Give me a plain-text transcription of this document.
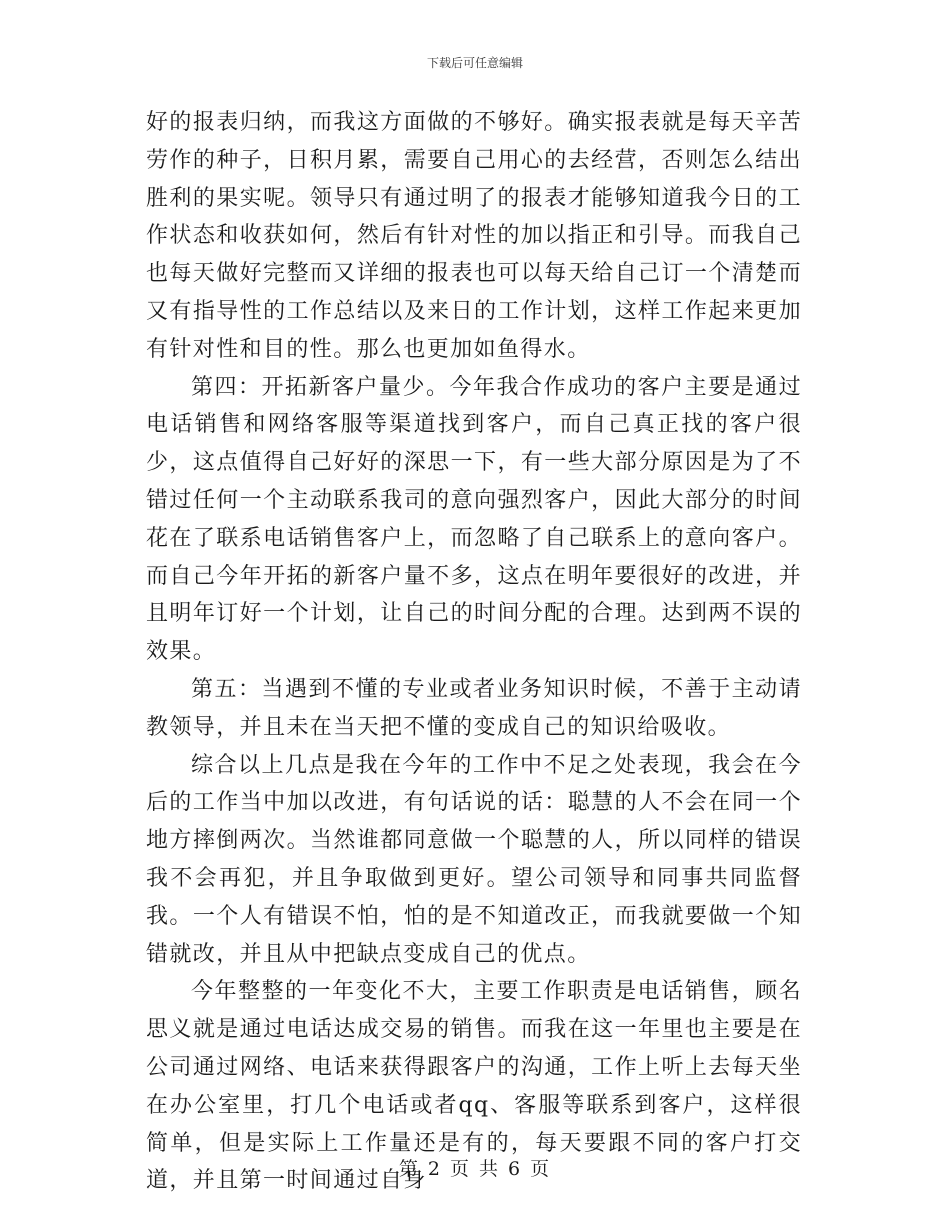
下载后可任意编辑

好的报表归纳，而我这方面做的不够好。确实报表就是每天辛苦劳作的种子，日积月累，需要自己用心的去经营，否则怎么结出胜利的果实呢。领导只有通过明了的报表才能够知道我今日的工作状态和收获如何，然后有针对性的加以指正和引导。而我自己也每天做好完整而又详细的报表也可以每天给自己订一个清楚而又有指导性的工作总结以及来日的工作计划，这样工作起来更加有针对性和目的性。那么也更加如鱼得水。

第四：开拓新客户量少。今年我合作成功的客户主要是通过电话销售和网络客服等渠道找到客户，而自己真正找的客户很少，这点值得自己好好的深思一下，有一些大部分原因是为了不错过任何一个主动联系我司的意向强烈客户，因此大部分的时间花在了联系电话销售客户上，而忽略了自己联系上的意向客户。而自己今年开拓的新客户量不多，这点在明年要很好的改进，并且明年订好一个计划，让自己的时间分配的合理。达到两不误的效果。

第五：当遇到不懂的专业或者业务知识时候，不善于主动请教领导，并且未在当天把不懂的变成自己的知识给吸收。

综合以上几点是我在今年的工作中不足之处表现，我会在今后的工作当中加以改进，有句话说的话：聪慧的人不会在同一个地方摔倒两次。当然谁都同意做一个聪慧的人，所以同样的错误我不会再犯，并且争取做到更好。望公司领导和同事共同监督我。一个人有错误不怕，怕的是不知道改正，而我就要做一个知错就改，并且从中把缺点变成自己的优点。

今年整整的一年变化不大，主要工作职责是电话销售，顾名思义就是通过电话达成交易的销售。而我在这一年里也主要是在公司通过网络、电话来获得跟客户的沟通，工作上听上去每天坐在办公室里，打几个电话或者qq、客服等联系到客户，这样很简单，但是实际上工作量还是有的，每天要跟不同的客户打交道，并且第一时间通过自身

第 2 页 共 6 页
